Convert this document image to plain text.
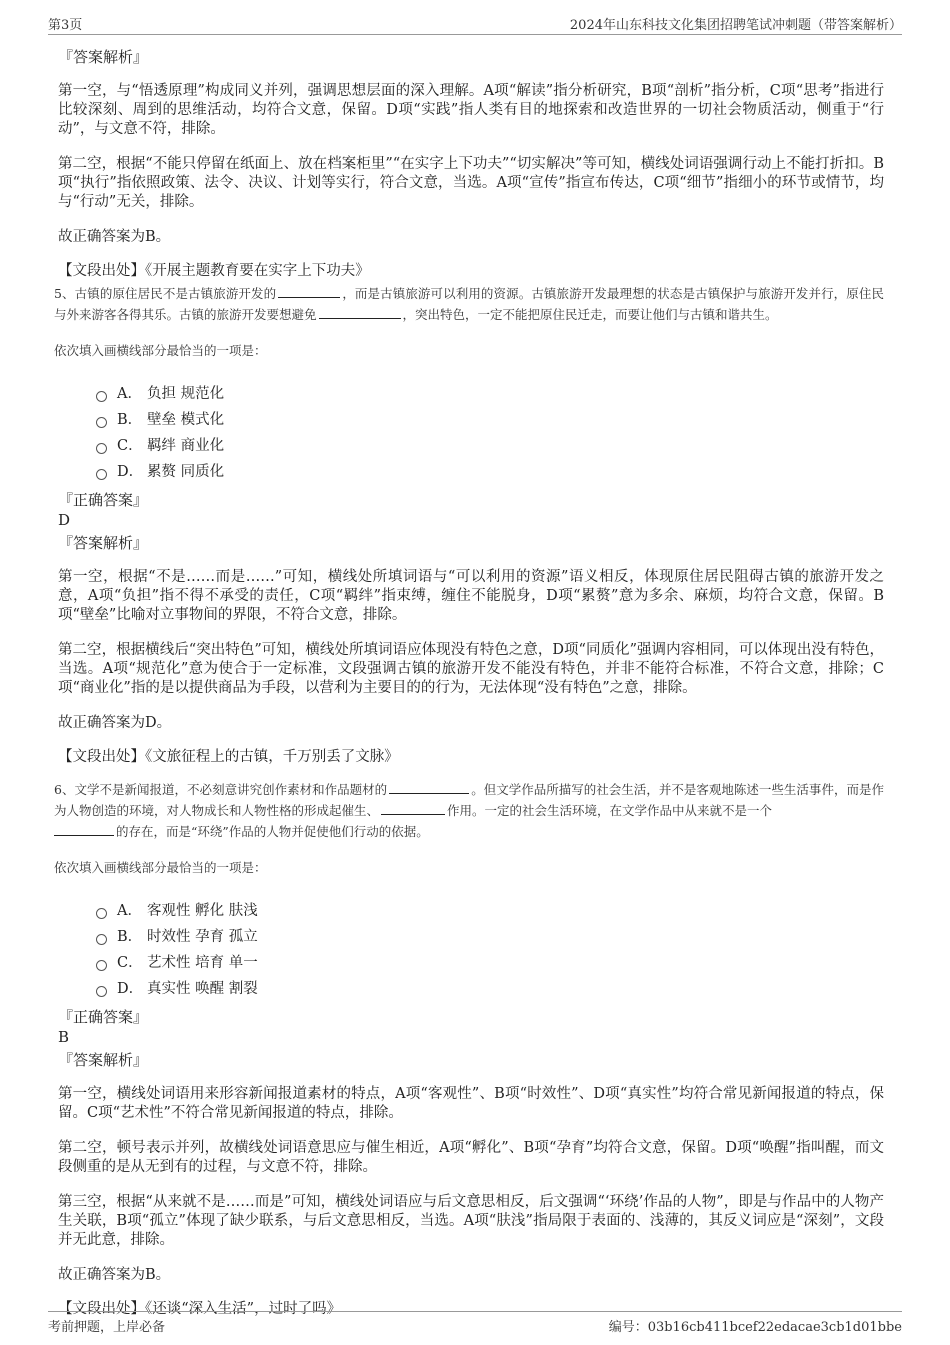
第3页	2024年山东科技文化集团招聘笔试冲刺题（带答案解析）
『答案解析』
第一空，与“悟透原理”构成同义并列，强调思想层面的深入理解。A项“解读”指分析研究，B项“剖析”指分析，C项“思考”指进行比较深刻、周到的思维活动，均符合文意，保留。D项“实践”指人类有目的地探索和改造世界的一切社会物质活动，侧重于“行动”，与文意不符，排除。
第二空，根据“不能只停留在纸面上、放在档案柜里”“在实字上下功夫”“切实解决”等可知，横线处词语强调行动上不能打折扣。B项“执行”指依照政策、法令、决议、计划等实行，符合文意，当选。A项“宣传”指宣布传达，C项“细节”指细小的环节或情节，均与“行动”无关，排除。
故正确答案为B。
【文段出处】《开展主题教育要在实字上下功夫》
5、古镇的原住居民不是古镇旅游开发的	，而是古镇旅游可以利用的资源。古镇旅游开发最理想的状态是古镇保护与旅游开发并行，原住民与外来游客各得其乐。古镇的旅游开发要想避免	，突出特色，一定不能把原住民迁走，而要让他们与古镇和谐共生。
依次填入画横线部分最恰当的一项是：
A． 负担 规范化
B． 壁垒 模式化
C． 羁绊 商业化
D． 累赘 同质化
『正确答案』
D
『答案解析』
第一空，根据“不是……而是……”可知，横线处所填词语与“可以利用的资源”语义相反，体现原住居民阻碍古镇的旅游开发之意，A项“负担”指不得不承受的责任，C项“羁绊”指束缚，缠住不能脱身，D项“累赘”意为多余、麻烦，均符合文意，保留。B项“壁垒”比喻对立事物间的界限，不符合文意，排除。
第二空，根据横线后“突出特色”可知，横线处所填词语应体现没有特色之意，D项“同质化”强调内容相同，可以体现出没有特色，当选。A项“规范化”意为使合于一定标准，文段强调古镇的旅游开发不能没有特色，并非不能符合标准，不符合文意，排除；C项“商业化”指的是以提供商品为手段，以营利为主要目的的行为，无法体现“没有特色”之意，排除。
故正确答案为D。
【文段出处】《文旅征程上的古镇，千万别丢了文脉》
6、文学不是新闻报道，不必刻意讲究创作素材和作品题材的	。但文学作品所描写的社会生活，并不是客观地陈述一些生活事件，而是作为人物创造的环境，对人物成长和人物性格的形成起催生、	作用。一定的社会生活环境，在文学作品中从来就不是一个
的存在，而是“环绕”作品的人物并促使他们行动的依据。
依次填入画横线部分最恰当的一项是：
A． 客观性 孵化 肤浅
B． 时效性 孕育 孤立
C． 艺术性 培育 单一
D． 真实性 唤醒 割裂
『正确答案』
B
『答案解析』
第一空，横线处词语用来形容新闻报道素材的特点，A项“客观性”、B项“时效性”、D项“真实性”均符合常见新闻报道的特点，保留。C项“艺术性”不符合常见新闻报道的特点，排除。
第二空，顿号表示并列，故横线处词语意思应与催生相近，A项“孵化”、B项“孕育”均符合文意，保留。D项“唤醒”指叫醒，而文段侧重的是从无到有的过程，与文意不符，排除。
第三空，根据“从来就不是……而是”可知，横线处词语应与后文意思相反，后文强调“‘环绕’作品的人物”，即是与作品中的人物产生关联，B项“孤立”体现了缺少联系，与后文意思相反，当选。A项“肤浅”指局限于表面的、浅薄的，其反义词应是“深刻”，文段并无此意，排除。
故正确答案为B。
【文段出处】《还谈“深入生活”，过时了吗》
考前押题，上岸必备	编号：03b16cb411bcef22edacae3cb1d01bbe
